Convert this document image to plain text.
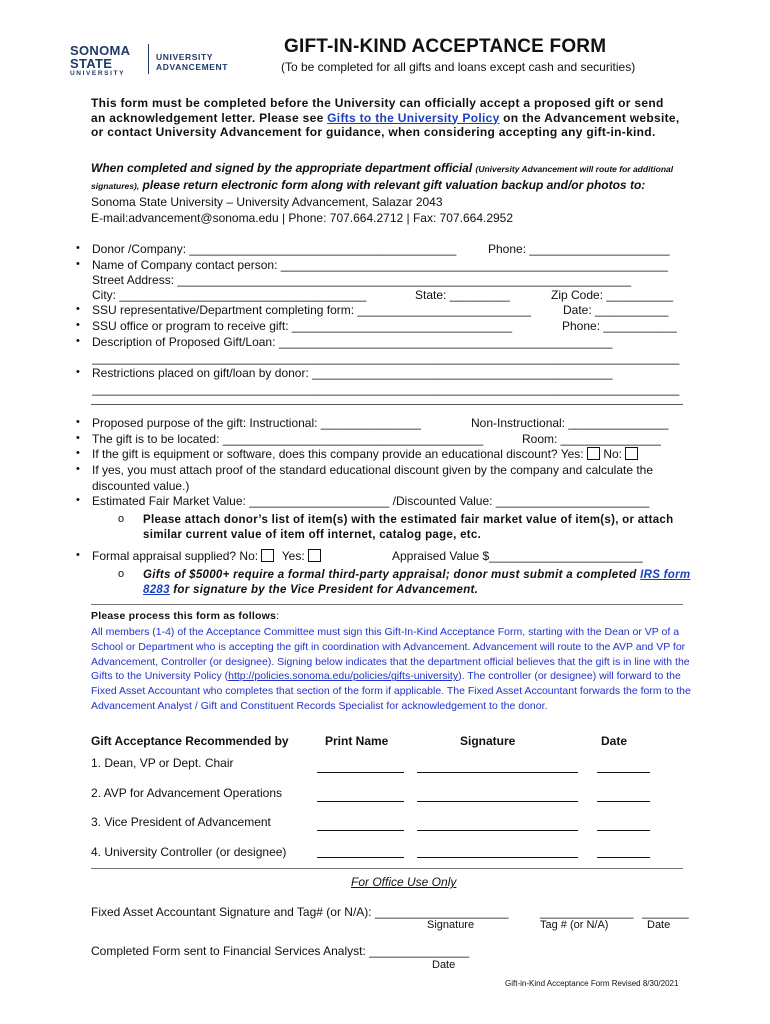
SONOMA
STATE
UNIVERSITY
UNIVERSITY
ADVANCEMENT
GIFT-IN-KIND ACCEPTANCE FORM
(To be completed for all gifts and loans except cash and securities)
This form must be completed before the University can officially accept a proposed gift or send an acknowledgement letter. Please see Gifts to the University Policy on the Advancement website, or contact University Advancement for guidance, when considering accepting any gift-in-kind.
When completed and signed by the appropriate department official (University Advancement will route for additional signatures), please return electronic form along with relevant gift valuation backup and/or photos to: Sonoma State University – University Advancement, Salazar 2043
E-mail:advancement@sonoma.edu | Phone: 707.664.2712 | Fax: 707.664.2952
• Donor /Company: ________________________________________	Phone: _____________________
• Name of Company contact person: __________________________________________________________
Street Address: ____________________________________________________________________
City: _____________________________________	State: _________	Zip Code: __________
• SSU representative/Department completing form: __________________________	Date: ___________
• SSU office or program to receive gift: _________________________________	Phone: ___________
• Description of Proposed Gift/Loan: __________________________________________________
________________________________________________________________________________________
• Restrictions placed on gift/loan by donor: _____________________________________________
________________________________________________________________________________________
• Proposed purpose of the gift: Instructional: _______________	Non-Instructional: _______________
• The gift is to be located: _______________________________________	Room: _______________
• If the gift is equipment or software, does this company provide an educational discount? Yes: No:
• If yes, you must attach proof of the standard educational discount given by the company and calculate the discounted value.)
• Estimated Fair Market Value: _____________________ /Discounted Value: _______________________
o Please attach donor’s list of item(s) with the estimated fair market value of item(s), or attach similar current value of item off internet, catalog page, etc.
• Formal appraisal supplied? No: Yes:	Appraised Value $_______________________
o Gifts of $5000+ require a formal third-party appraisal; donor must submit a completed IRS form 8283 for signature by the Vice President for Advancement.
Please process this form as follows:
All members (1-4) of the Acceptance Committee must sign this Gift-In-Kind Acceptance Form, starting with the Dean or VP of a School or Department who is accepting the gift in coordination with Advancement. Advancement will route to the AVP and VP for Advancement, Controller (or designee). Signing below indicates that the department official believes that the gift is in line with the Gifts to the University Policy (http://policies.sonoma.edu/policies/gifts-university). The controller (or designee) will forward to the Fixed Asset Accountant who completes that section of the form if applicable. The Fixed Asset Accountant forwards the form to the Advancement Analyst / Gift and Constituent Records Specialist for acknowledgement to the donor.
Gift Acceptance Recommended by	Print Name	Signature	Date
1. Dean, VP or Dept. Chair
2. AVP for Advancement Operations
3. Vice President of Advancement
4. University Controller (or designee)
For Office Use Only
Fixed Asset Accountant Signature and Tag# (or N/A): ____________________	______________ _______
Signature	Tag # (or N/A)	Date
Completed Form sent to Financial Services Analyst: _______________
Date
Gift-in-Kind Acceptance Form Revised 8/30/2021
